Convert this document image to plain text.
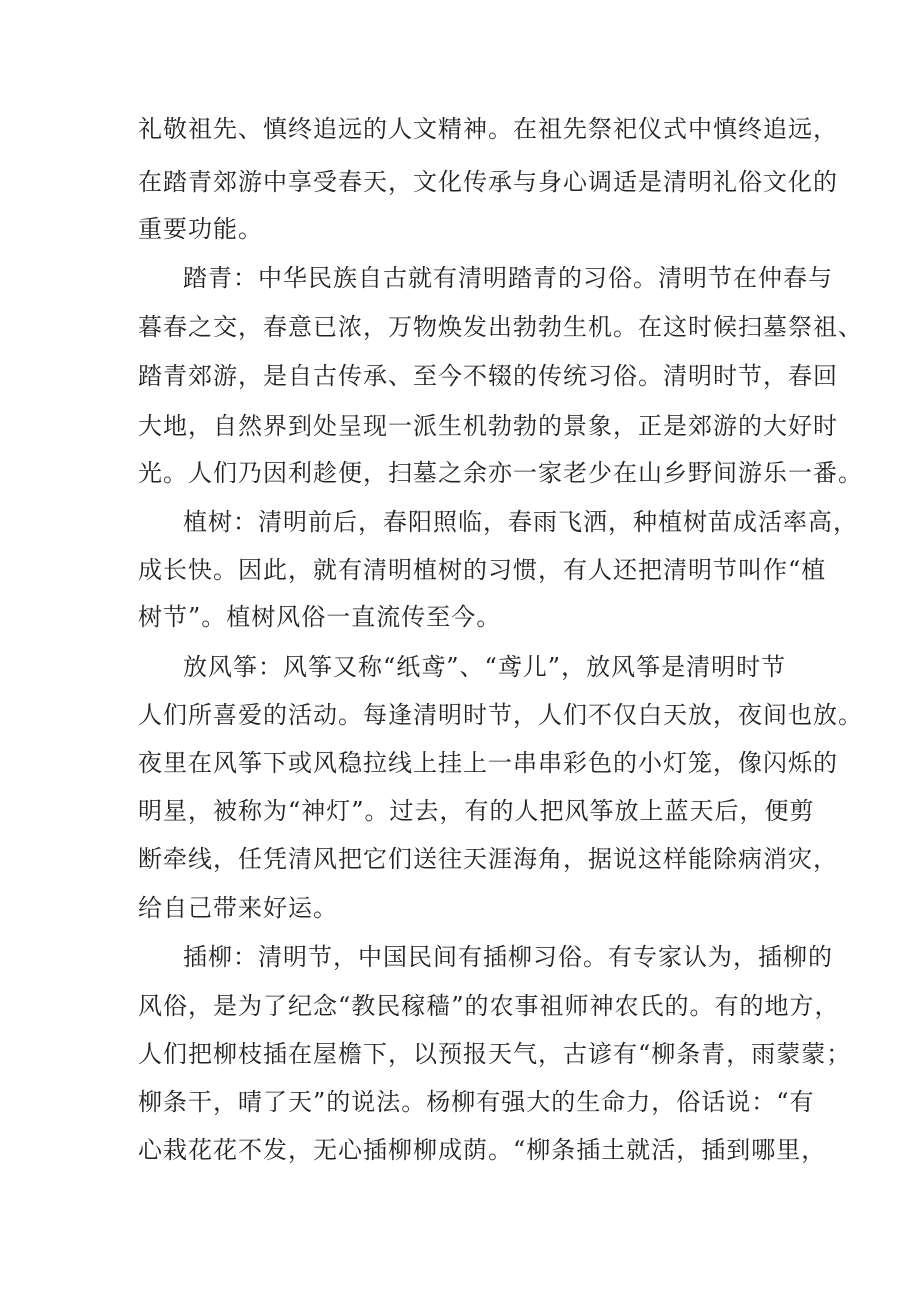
礼敬祖先、慎终追远的人文精神。在祖先祭祀仪式中慎终追远，
在踏青郊游中享受春天，文化传承与身心调适是清明礼俗文化的
重要功能。
踏青：中华民族自古就有清明踏青的习俗。清明节在仲春与
暮春之交，春意已浓，万物焕发出勃勃生机。在这时候扫墓祭祖、
踏青郊游，是自古传承、至今不辍的传统习俗。清明时节，春回
大地，自然界到处呈现一派生机勃勃的景象，正是郊游的大好时
光。人们乃因利趁便，扫墓之余亦一家老少在山乡野间游乐一番。
植树：清明前后，春阳照临，春雨飞洒，种植树苗成活率高，
成长快。因此，就有清明植树的习惯，有人还把清明节叫作“植
树节”。植树风俗一直流传至今。
放风筝：风筝又称“纸鸢”、“鸢儿”，放风筝是清明时节
人们所喜爱的活动。每逢清明时节，人们不仅白天放，夜间也放。
夜里在风筝下或风稳拉线上挂上一串串彩色的小灯笼，像闪烁的
明星，被称为“神灯”。过去，有的人把风筝放上蓝天后，便剪
断牵线，任凭清风把它们送往天涯海角，据说这样能除病消灾，
给自己带来好运。
插柳：清明节，中国民间有插柳习俗。有专家认为，插柳的
风俗，是为了纪念“教民稼穑”的农事祖师神农氏的。有的地方，
人们把柳枝插在屋檐下，以预报天气，古谚有“柳条青，雨蒙蒙；
柳条干，晴了天”的说法。杨柳有强大的生命力，俗话说：“有
心栽花花不发，无心插柳柳成荫。“柳条插土就活，插到哪里，
